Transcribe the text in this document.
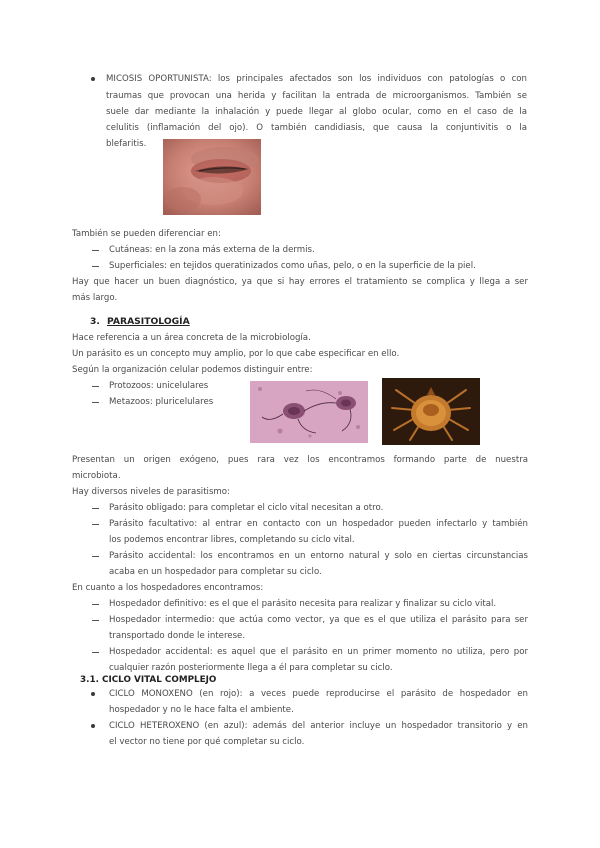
MICOSIS OPORTUNISTA: los principales afectados son los individuos con patologías o con
traumas que provocan una herida y facilitan la entrada de microorganismos. También se
suele dar mediante la inhalación y puede llegar al globo ocular, como en el caso de la
celulitis (inflamación del ojo). O también candidiasis, que causa la conjuntivitis o la
blefaritis.
También se pueden diferenciar en:
Cutáneas: en la zona más externa de la dermis.
Superficiales: en tejidos queratinizados como uñas, pelo, o en la superficie de la piel.
Hay que hacer un buen diagnóstico, ya que si hay errores el tratamiento se complica y llega a ser
más largo.
3. PARASITOLOGÍA
Hace referencia a un área concreta de la microbiología.
Un parásito es un concepto muy amplio, por lo que cabe especificar en ello.
Según la organización celular podemos distinguir entre:
Protozoos: unicelulares
Metazoos: pluricelulares
Presentan un origen exógeno, pues rara vez los encontramos formando parte de nuestra
microbiota.
Hay diversos niveles de parasitismo:
Parásito obligado: para completar el ciclo vital necesitan a otro.
Parásito facultativo: al entrar en contacto con un hospedador pueden infectarlo y también
los podemos encontrar libres, completando su ciclo vital.
Parásito accidental: los encontramos en un entorno natural y solo en ciertas circunstancias
acaba en un hospedador para completar su ciclo.
En cuanto a los hospedadores encontramos:
Hospedador definitivo: es el que el parásito necesita para realizar y finalizar su ciclo vital.
Hospedador intermedio: que actúa como vector, ya que es el que utiliza el parásito para ser
transportado donde le interese.
Hospedador accidental: es aquel que el parásito en un primer momento no utiliza, pero por
cualquier razón posteriormente llega a él para completar su ciclo.
3.1. CICLO VITAL COMPLEJO
CICLO MONOXENO (en rojo): a veces puede reproducirse el parásito de hospedador en
hospedador y no le hace falta el ambiente.
CICLO HETEROXENO (en azul): además del anterior incluye un hospedador transitorio y en
el vector no tiene por qué completar su ciclo.
